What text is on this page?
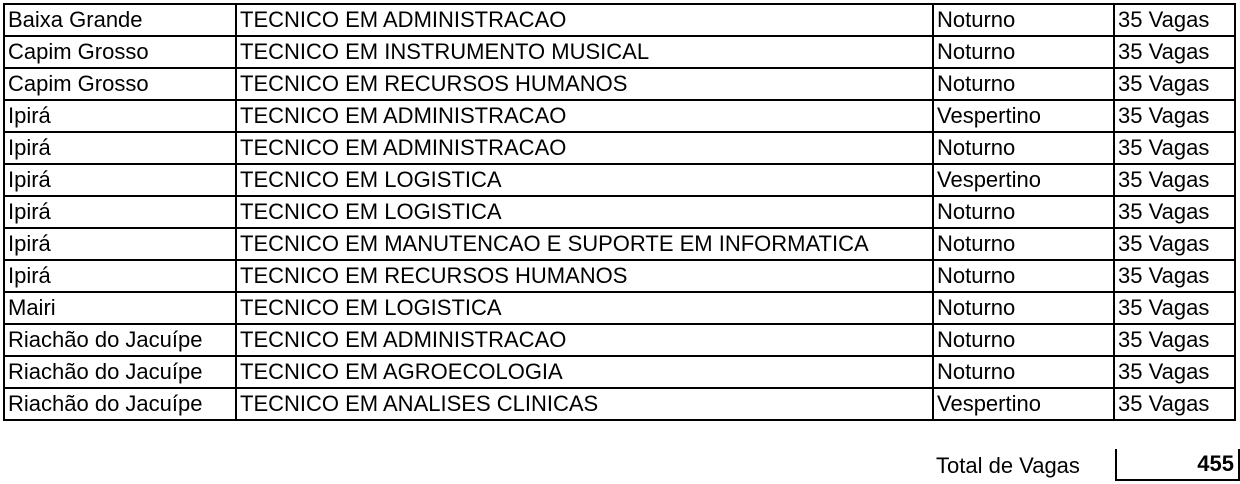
Baixa Grande	TECNICO EM ADMINISTRACAO	Noturno	35 Vagas
Capim Grosso	TECNICO EM INSTRUMENTO MUSICAL	Noturno	35 Vagas
Capim Grosso	TECNICO EM RECURSOS HUMANOS	Noturno	35 Vagas
Ipirá	TECNICO EM ADMINISTRACAO	Vespertino	35 Vagas
Ipirá	TECNICO EM ADMINISTRACAO	Noturno	35 Vagas
Ipirá	TECNICO EM LOGISTICA	Vespertino	35 Vagas
Ipirá	TECNICO EM LOGISTICA	Noturno	35 Vagas
Ipirá	TECNICO EM MANUTENCAO E SUPORTE EM INFORMATICA	Noturno	35 Vagas
Ipirá	TECNICO EM RECURSOS HUMANOS	Noturno	35 Vagas
Mairi	TECNICO EM LOGISTICA	Noturno	35 Vagas
Riachão do Jacuípe	TECNICO EM ADMINISTRACAO	Noturno	35 Vagas
Riachão do Jacuípe	TECNICO EM AGROECOLOGIA	Noturno	35 Vagas
Riachão do Jacuípe	TECNICO EM ANALISES CLINICAS	Vespertino	35 Vagas
Total de Vagas	455
